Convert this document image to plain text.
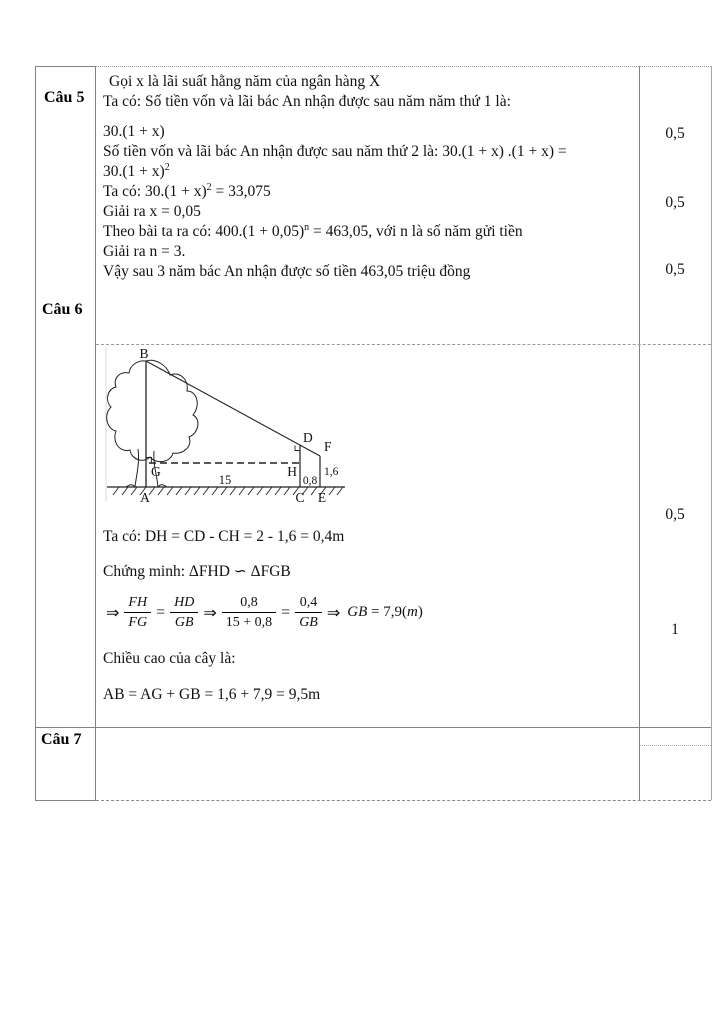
Câu 5
Câu 6
Câu 7
Gọi x là lãi suất hằng năm của ngân hàng X
Ta có: Số tiền vốn và lãi bác An nhận được sau năm năm thứ 1 là:
30.(1 + x)
Số tiền vốn và lãi bác An nhận được sau năm thứ 2 là: 30.(1 + x) .(1 + x) =
$30.(1 + x)^2$
Ta có: $30.(1 + x)^2 = 33,075$
Giải ra x = 0,05
Theo bài ta ra có: $400.(1 + 0,05)^n = 463,05$, với n là số năm gửi tiền
Giải ra n = 3.
Vậy sau 3 năm bác An nhận được số tiền 463,05 triệu đồng
0,5
0,5
0,5
B
D
F
H
G
A	C E
15	0,8
1,6
Ta có: DH = CD - CH = 2 - 1,6 = 0,4m
Chứng minh: ΔFHD ∽ ΔFGB
⇒ $\frac{FH}{FG} = \frac{HD}{GB}$ ⇒ $\frac{0,8}{15 + 0,8} = \frac{0,4}{GB}$ ⇒ GB = 7,9(m)
Chiều cao của cây là:
AB = AG + GB = 1,6 + 7,9 = 9,5m
0,5
1
